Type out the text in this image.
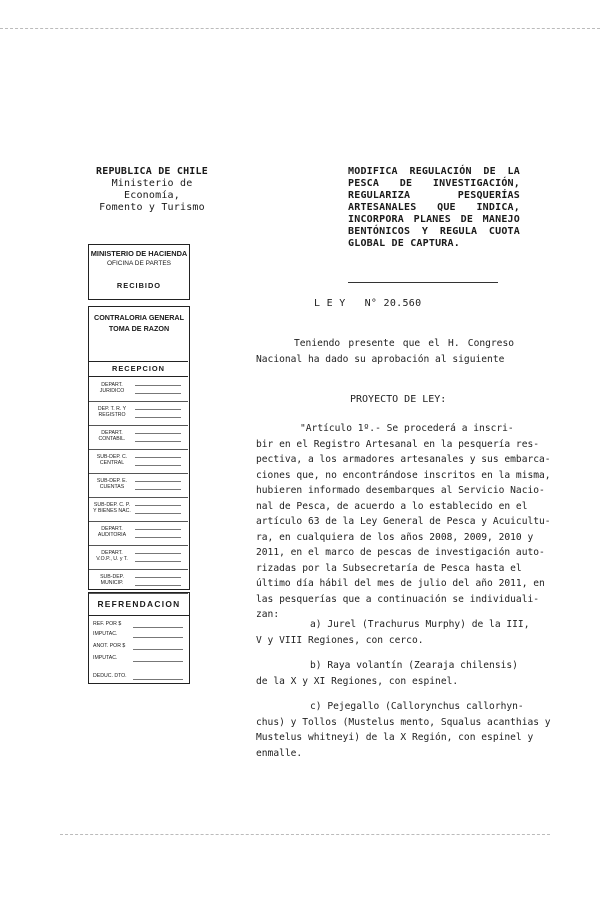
REPUBLICA DE CHILE
Ministerio de Economía,
Fomento y Turismo
MODIFICA REGULACIÓN DE LA PESCA DE INVESTIGACIÓN, REGULARIZA PESQUERÍAS ARTESANALES QUE INDICA, INCORPORA PLANES DE MANEJO BENTÓNICOS Y REGULA CUOTA GLOBAL DE CAPTURA.
MINISTERIO DE HACIENDA
OFICINA DE PARTES
RECIBIDO
CONTRALORIA GENERAL
TOMA DE RAZON
RECEPCION
DEPART. JURIDICO
DEP. T. R. Y REGISTRO
DEPART. CONTABIL.
SUB-DEP. C. CENTRAL
SUB-DEP. E. CUENTAS
SUB-DEP. C. P. Y BIENES NAC.
DEPART. AUDITORIA
DEPART. V.O.P., U. y T.
SUB-DEP. MUNICIP.
REFRENDACION
REF. POR $
IMPUTAC.
ANOT. POR $
IMPUTAC.
DEDUC. DTO.
L E Y   N° 20.560
Teniendo presente que el H. Congreso Nacional ha dado su aprobación al siguiente
PROYECTO DE LEY:
"Artículo 1º.- Se procederá a inscri-
bir en el Registro Artesanal en la pesquería res-
pectiva, a los armadores artesanales y sus embarca-
ciones que, no encontrándose inscritos en la misma,
hubieren informado desembarques al Servicio Nacio-
nal de Pesca, de acuerdo a lo establecido en el
artículo 63 de la Ley General de Pesca y Acuicultu-
ra, en cualquiera de los años 2008, 2009, 2010 y
2011, en el marco de pescas de investigación auto-
rizadas por la Subsecretaría de Pesca hasta el
último día hábil del mes de julio del año 2011, en
las pesquerías que a continuación se individuali-
zan:
a) Jurel (Trachurus Murphy) de la III,
V y VIII Regiones, con cerco.
b) Raya volantín (Zearaja chilensis)
de la X y XI Regiones, con espinel.
c) Pejegallo (Callorynchus callorhyn-
chus) y Tollos (Mustelus mento, Squalus acanthias y
Mustelus whitneyi) de la X Región, con espinel y
enmalle.
